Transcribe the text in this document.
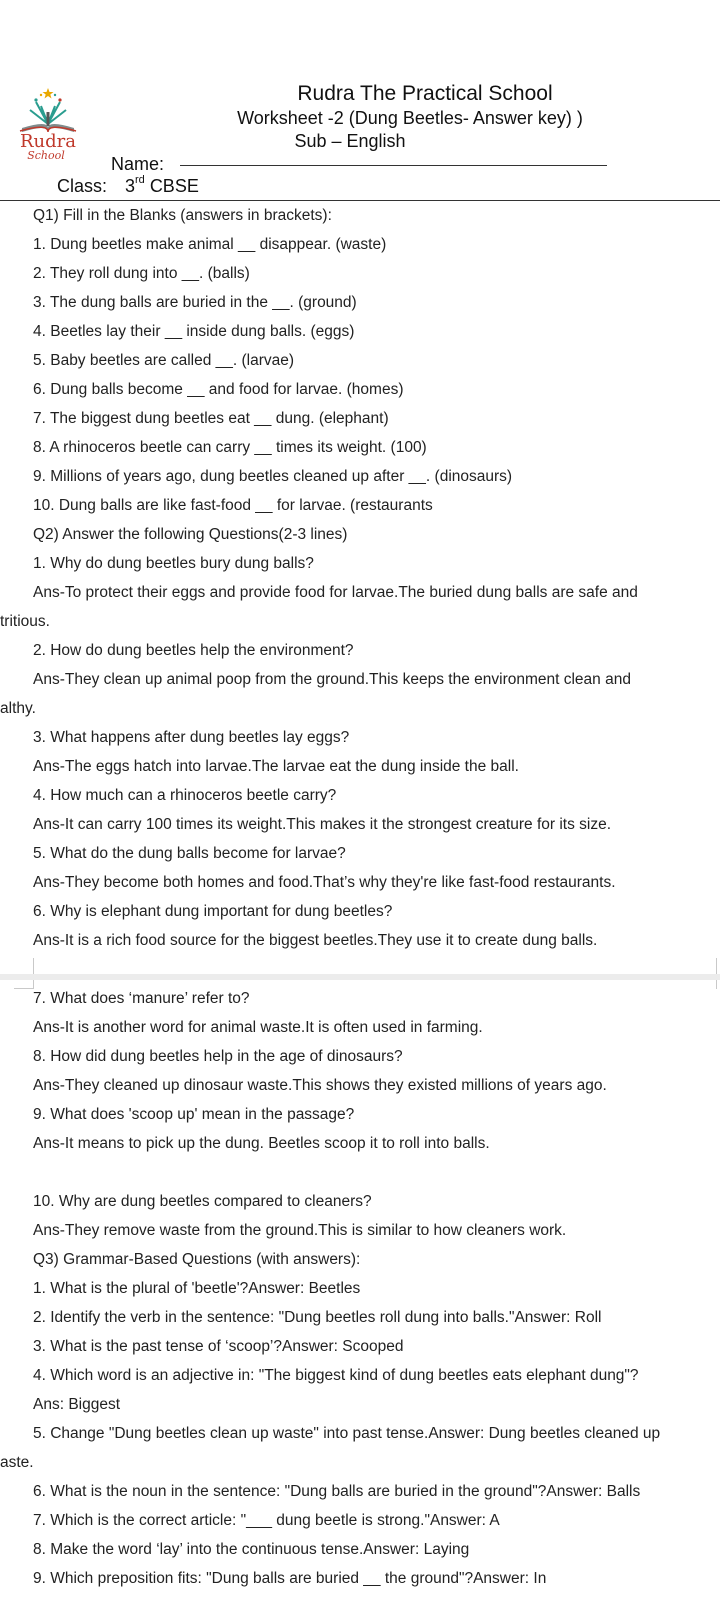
Rudra
School
Rudra The Practical School
Worksheet -2 (Dung Beetles- Answer key) )
Sub – English
Name:
Class: 3rd CBSE
Q1) Fill in the Blanks (answers in brackets):
1. Dung beetles make animal __ disappear. (waste)
2. They roll dung into __. (balls)
3. The dung balls are buried in the __. (ground)
4. Beetles lay their __ inside dung balls. (eggs)
5. Baby beetles are called __. (larvae)
6. Dung balls become __ and food for larvae. (homes)
7. The biggest dung beetles eat __ dung. (elephant)
8. A rhinoceros beetle can carry __ times its weight. (100)
9. Millions of years ago, dung beetles cleaned up after __. (dinosaurs)
10. Dung balls are like fast-food __ for larvae. (restaurants
Q2) Answer the following Questions(2-3 lines)
1. Why do dung beetles bury dung balls?
Ans-To protect their eggs and provide food for larvae.The buried dung balls are safe and
tritious.
2. How do dung beetles help the environment?
Ans-They clean up animal poop from the ground.This keeps the environment clean and
althy.
3. What happens after dung beetles lay eggs?
Ans-The eggs hatch into larvae.The larvae eat the dung inside the ball.
4. How much can a rhinoceros beetle carry?
Ans-It can carry 100 times its weight.This makes it the strongest creature for its size.
5. What do the dung balls become for larvae?
Ans-They become both homes and food.That’s why they're like fast-food restaurants.
6. Why is elephant dung important for dung beetles?
Ans-It is a rich food source for the biggest beetles.They use it to create dung balls.
7. What does ‘manure’ refer to?
Ans-It is another word for animal waste.It is often used in farming.
8. How did dung beetles help in the age of dinosaurs?
Ans-They cleaned up dinosaur waste.This shows they existed millions of years ago.
9. What does 'scoop up' mean in the passage?
Ans-It means to pick up the dung. Beetles scoop it to roll into balls.
10. Why are dung beetles compared to cleaners?
Ans-They remove waste from the ground.This is similar to how cleaners work.
Q3) Grammar-Based Questions (with answers):
1. What is the plural of 'beetle'?Answer: Beetles
2. Identify the verb in the sentence: "Dung beetles roll dung into balls."Answer: Roll
3. What is the past tense of ‘scoop’?Answer: Scooped
4. Which word is an adjective in: "The biggest kind of dung beetles eats elephant dung"?
Ans: Biggest
5. Change "Dung beetles clean up waste" into past tense.Answer: Dung beetles cleaned up
aste.
6. What is the noun in the sentence: "Dung balls are buried in the ground"?Answer: Balls
7. Which is the correct article: "___ dung beetle is strong."Answer: A
8. Make the word ‘lay’ into the continuous tense.Answer: Laying
9. Which preposition fits: "Dung balls are buried __ the ground"?Answer: In
